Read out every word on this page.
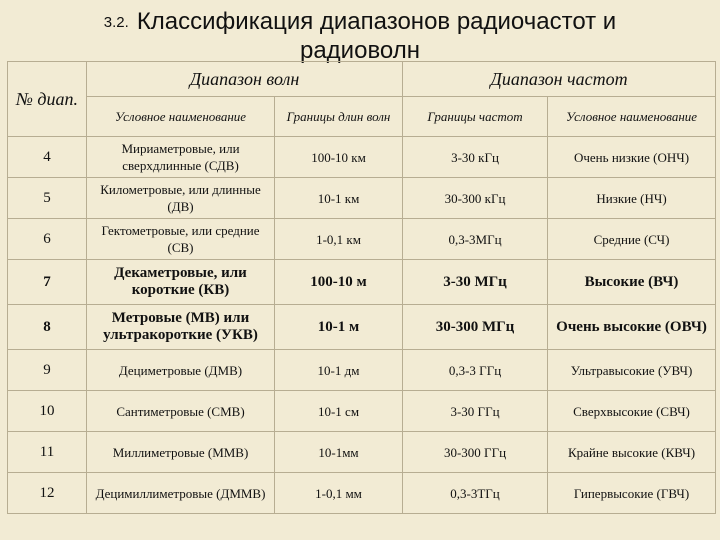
3.2. Классификация диапазонов радиочастот и
радиоволн
№ диап.	Диапазон волн		Диапазон частот	
	Условное наименование	Границы длин волн	Границы частот	Условное наименование
4	Мириаметровые, или сверхдлинные (СДВ)	100-10 км	3-30 кГц	Очень низкие (ОНЧ)
5	Километровые, или длинные (ДВ)	10-1 км	30-300 кГц	Низкие (НЧ)
6	Гектометровые, или средние (СВ)	1-0,1 км	0,3-3МГц	Средние (СЧ)
7	Декаметровые, или короткие (КВ)	100-10 м	3-30 МГц	Высокие (ВЧ)
8	Метровые (МВ) или ультракороткие (УКВ)	10-1 м	30-300 МГц	Очень высокие (ОВЧ)
9	Дециметровые (ДМВ)	10-1 дм	0,3-3 ГГц	Ультравысокие (УВЧ)
10	Сантиметровые (СМВ)	10-1 см	3-30 ГГц	Сверхвысокие (СВЧ)
11	Миллиметровые (ММВ)	10-1мм	30-300 ГГц	Крайне высокие (КВЧ)
12	Децимиллиметровые (ДММВ)	1-0,1 мм	0,3-3ТГц	Гипервысокие (ГВЧ)
